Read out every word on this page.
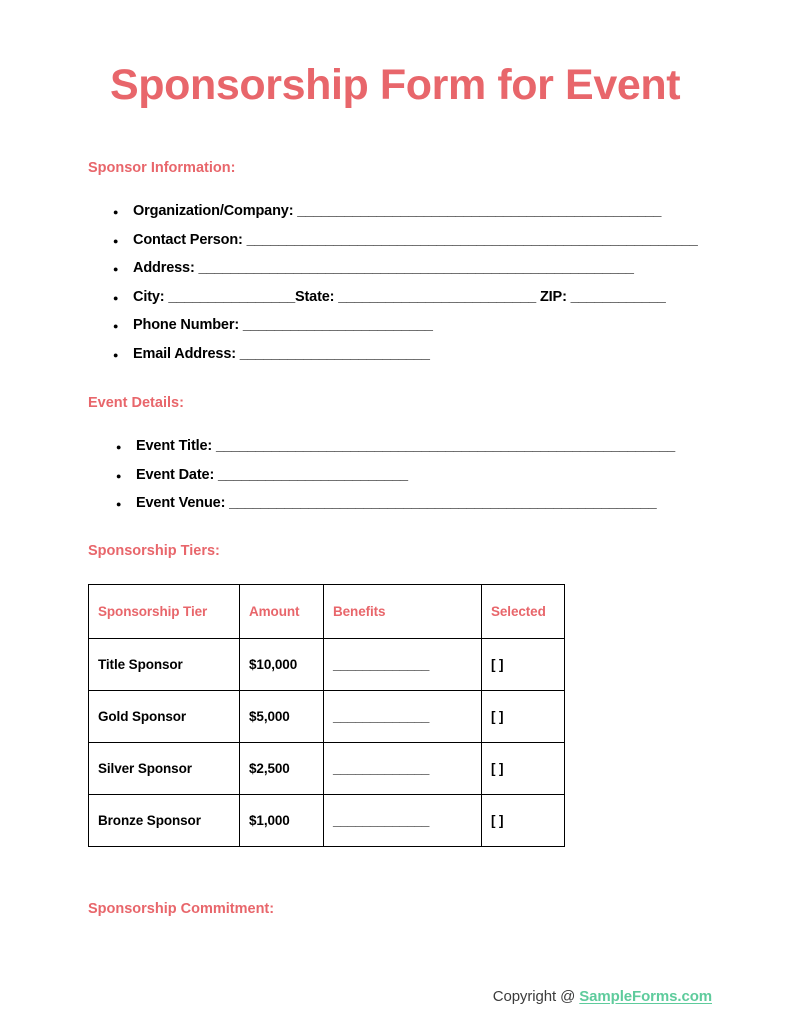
Sponsorship Form for Event
Sponsor Information:
●
Organization/Company: ______________________________________________
●
Contact Person: _________________________________________________________
●
Address: _______________________________________________________
●
City: ________________State: _________________________ ZIP: ____________
●
Phone Number: ________________________
●
Email Address: ________________________
Event Details:
●
Event Title: __________________________________________________________
●
Event Date: ________________________
●
Event Venue: ______________________________________________________
Sponsorship Tiers:
Sponsorship Tier	Amount	Benefits	Selected
Title Sponsor	$10,000	_____________	[ ]
Gold Sponsor	$5,000	_____________	[ ]
Silver Sponsor	$2,500	_____________	[ ]
Bronze Sponsor	$1,000	_____________	[ ]
Sponsorship Commitment:
Copyright @ SampleForms.com
